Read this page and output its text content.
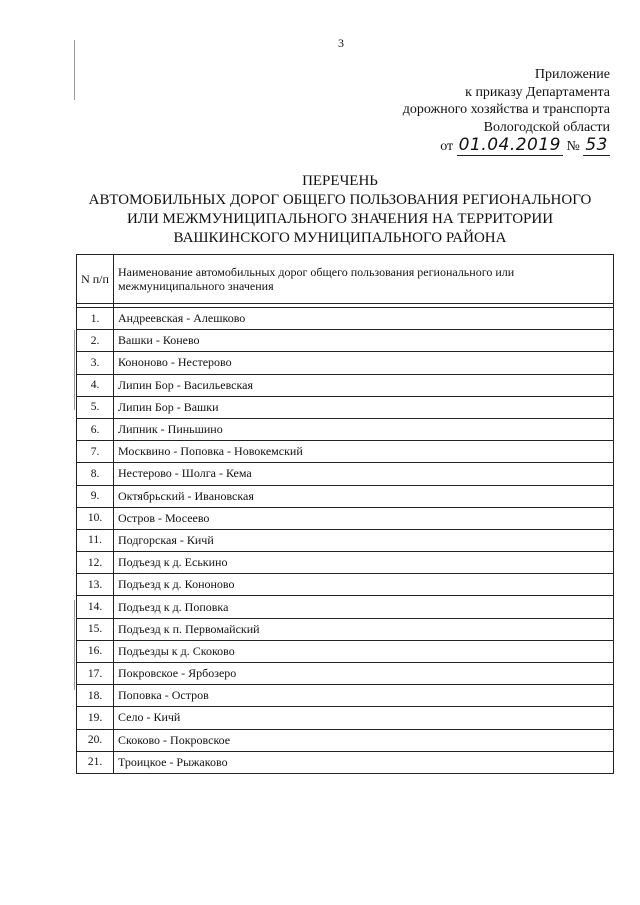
3
Приложение
к приказу Департамента
дорожного хозяйства и транспорта
Вологодской области
от 01.04.2019 № 53
ПЕРЕЧЕНЬ
АВТОМОБИЛЬНЫХ ДОРОГ ОБЩЕГО ПОЛЬЗОВАНИЯ РЕГИОНАЛЬНОГО
ИЛИ МЕЖМУНИЦИПАЛЬНОГО ЗНАЧЕНИЯ НА ТЕРРИТОРИИ
ВАШКИНСКОГО МУНИЦИПАЛЬНОГО РАЙОНА
N п/п	Наименование автомобильных дорог общего пользования регионального или межмуниципального значения

1.	Андреевская - Алешково
2.	Вашки - Конево
3.	Кононово - Нестерово
4.	Липин Бор - Васильевская
5.	Липин Бор - Вашки
6.	Липник - Пиньшино
7.	Москвино - Поповка - Новокемский
8.	Нестерово - Шолга - Кема
9.	Октябрьский - Ивановская
10.	Остров - Мосеево
11.	Подгорская - Кичй
12.	Подъезд к д. Еськино
13.	Подъезд к д. Кононово
14.	Подъезд к д. Поповка
15.	Подъезд к п. Первомайский
16.	Подъезды к д. Скоково
17.	Покровское - Ярбозеро
18.	Поповка - Остров
19.	Село - Кичй
20.	Скоково - Покровское
21.	Троицкое - Рыжаково
